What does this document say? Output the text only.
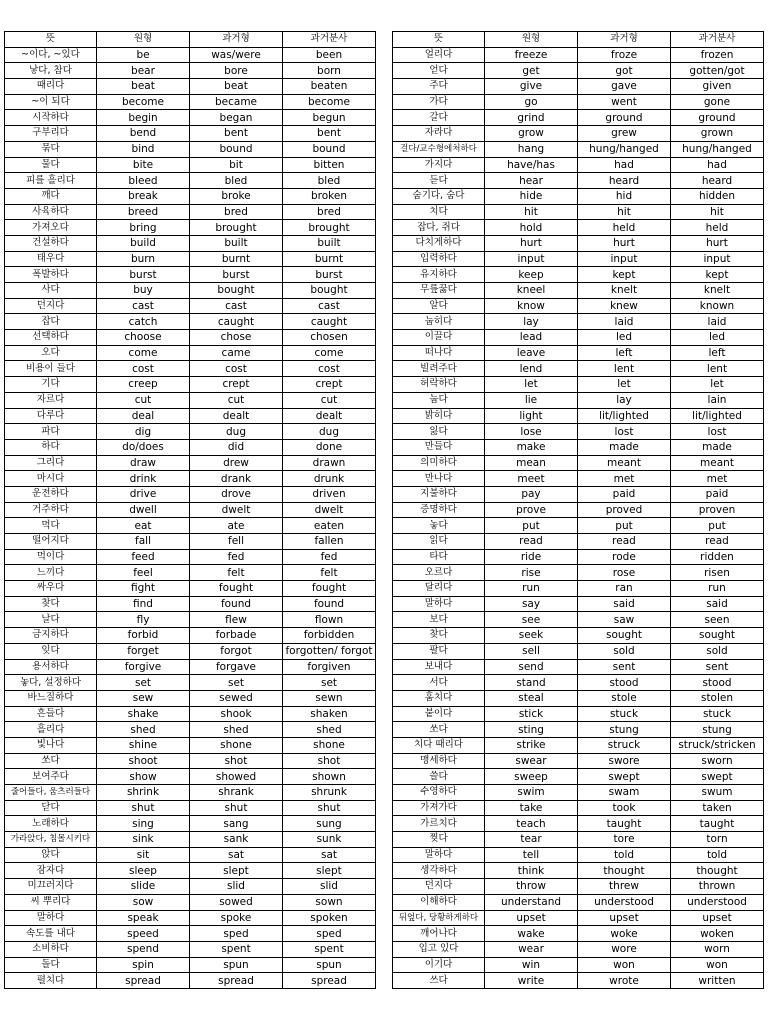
뜻	원형	과거형	과거분사
~이다, ~있다	be	was/were	been
낳다, 참다	bear	bore	born
때리다	beat	beat	beaten
~이 되다	become	became	become
시작하다	begin	began	begun
구부리다	bend	bent	bent
묶다	bind	bound	bound
물다	bite	bit	bitten
피를 흘리다	bleed	bled	bled
깨다	break	broke	broken
사육하다	breed	bred	bred
가져오다	bring	brought	brought
건설하다	build	built	built
태우다	burn	burnt	burnt
폭발하다	burst	burst	burst
사다	buy	bought	bought
던지다	cast	cast	cast
잡다	catch	caught	caught
선택하다	choose	chose	chosen
오다	come	came	come
비용이 들다	cost	cost	cost
기다	creep	crept	crept
자르다	cut	cut	cut
다루다	deal	dealt	dealt
파다	dig	dug	dug
하다	do/does	did	done
그리다	draw	drew	drawn
마시다	drink	drank	drunk
운전하다	drive	drove	driven
거주하다	dwell	dwelt	dwelt
먹다	eat	ate	eaten
떨어지다	fall	fell	fallen
먹이다	feed	fed	fed
느끼다	feel	felt	felt
싸우다	fight	fought	fought
찾다	find	found	found
날다	fly	flew	flown
금지하다	forbid	forbade	forbidden
잊다	forget	forgot	forgotten/ forgot
용서하다	forgive	forgave	forgiven
놓다, 설정하다	set	set	set
바느질하다	sew	sewed	sewn
흔들다	shake	shook	shaken
흘리다	shed	shed	shed
빛나다	shine	shone	shone
쏘다	shoot	shot	shot
보여주다	show	showed	shown
줄어들다, 움츠러들다	shrink	shrank	shrunk
닫다	shut	shut	shut
노래하다	sing	sang	sung
가라앉다, 침몰시키다	sink	sank	sunk
앉다	sit	sat	sat
잠자다	sleep	slept	slept
미끄러지다	slide	slid	slid
씨 뿌리다	sow	sowed	sown
말하다	speak	spoke	spoken
속도를 내다	speed	sped	sped
소비하다	spend	spent	spent
돌다	spin	spun	spun
펼치다	spread	spread	spread
뜻	원형	과거형	과거분사
얼리다	freeze	froze	frozen
얻다	get	got	gotten/got
주다	give	gave	given
가다	go	went	gone
갈다	grind	ground	ground
자라다	grow	grew	grown
걸다/교수형에처하다	hang	hung/hanged	hung/hanged
가지다	have/has	had	had
듣다	hear	heard	heard
숨기다, 숨다	hide	hid	hidden
치다	hit	hit	hit
잡다, 쥐다	hold	held	held
다치게하다	hurt	hurt	hurt
입력하다	input	input	input
유지하다	keep	kept	kept
무릎꿇다	kneel	knelt	knelt
알다	know	knew	known
눕히다	lay	laid	laid
이끌다	lead	led	led
떠나다	leave	left	left
빌려주다	lend	lent	lent
허락하다	let	let	let
눕다	lie	lay	lain
밝히다	light	lit/lighted	lit/lighted
잃다	lose	lost	lost
만들다	make	made	made
의미하다	mean	meant	meant
만나다	meet	met	met
지불하다	pay	paid	paid
증명하다	prove	proved	proven
놓다	put	put	put
읽다	read	read	read
타다	ride	rode	ridden
오르다	rise	rose	risen
달리다	run	ran	run
말하다	say	said	said
보다	see	saw	seen
찾다	seek	sought	sought
팔다	sell	sold	sold
보내다	send	sent	sent
서다	stand	stood	stood
훔치다	steal	stole	stolen
붙이다	stick	stuck	stuck
쏘다	sting	stung	stung
치다 때리다	strike	struck	struck/stricken
맹세하다	swear	swore	sworn
쓸다	sweep	swept	swept
수영하다	swim	swam	swum
가져가다	take	took	taken
가르치다	teach	taught	taught
찢다	tear	tore	torn
말하다	tell	told	told
생각하다	think	thought	thought
던지다	throw	threw	thrown
이해하다	understand	understood	understood
뒤엎다, 당황하게하다	upset	upset	upset
깨어나다	wake	woke	woken
입고 있다	wear	wore	worn
이기다	win	won	won
쓰다	write	wrote	written
